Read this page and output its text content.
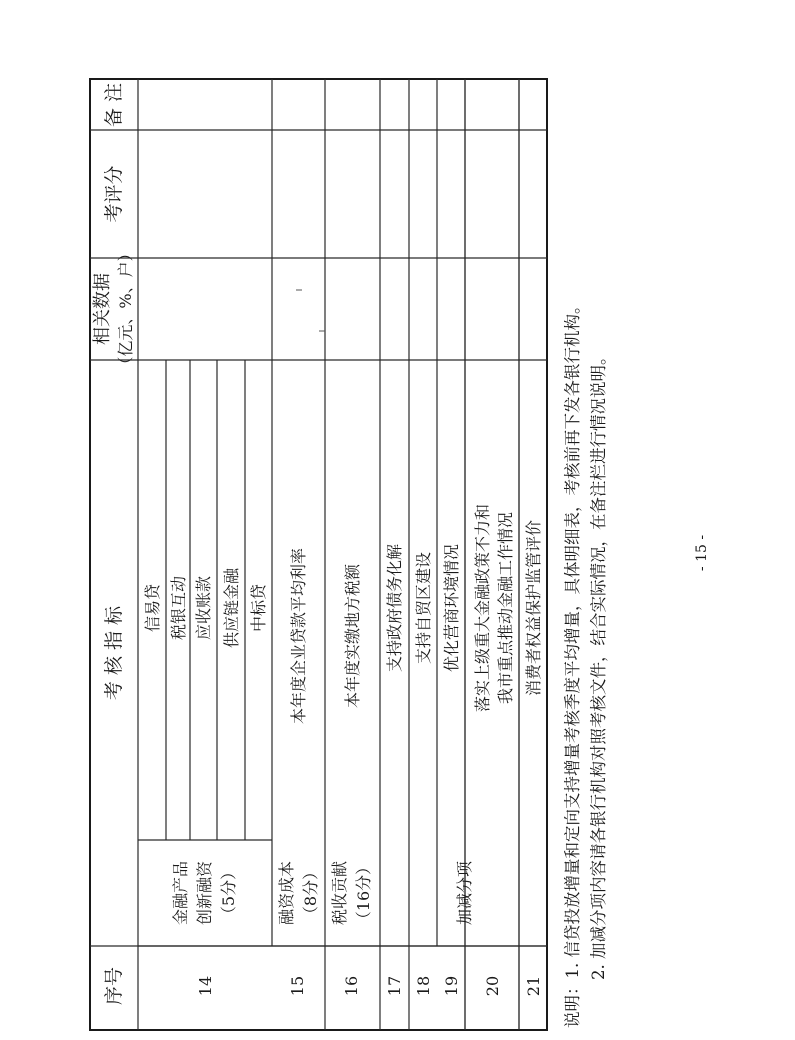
序号
考 核 指 标
相关数据 （亿元、%、户）
考评分
备 注
14
金融产品 创新融资 （5分）
信易贷 税银互动 应收账款 供应链金融 中标贷
15
融资成本 （8分）
本年度企业贷款平均利率
16
税收贡献 （16分）
本年度实缴地方税额
17
支持政府债务化解
18
支持自贸区建设
19
加减分项
优化营商环境情况
20
落实上级重大金融政策不力和 我市重点推动金融工作情况
21
消费者权益保护监管评价 说明：1. 信贷投放增量和定向支持增量考核季度平均增量，具体明细表，考核前再下发各银行机构。 2. 加减分项内容请各银行机构对照考核文件，结合实际情况，在备注栏进行情况说明。	- 15 -
